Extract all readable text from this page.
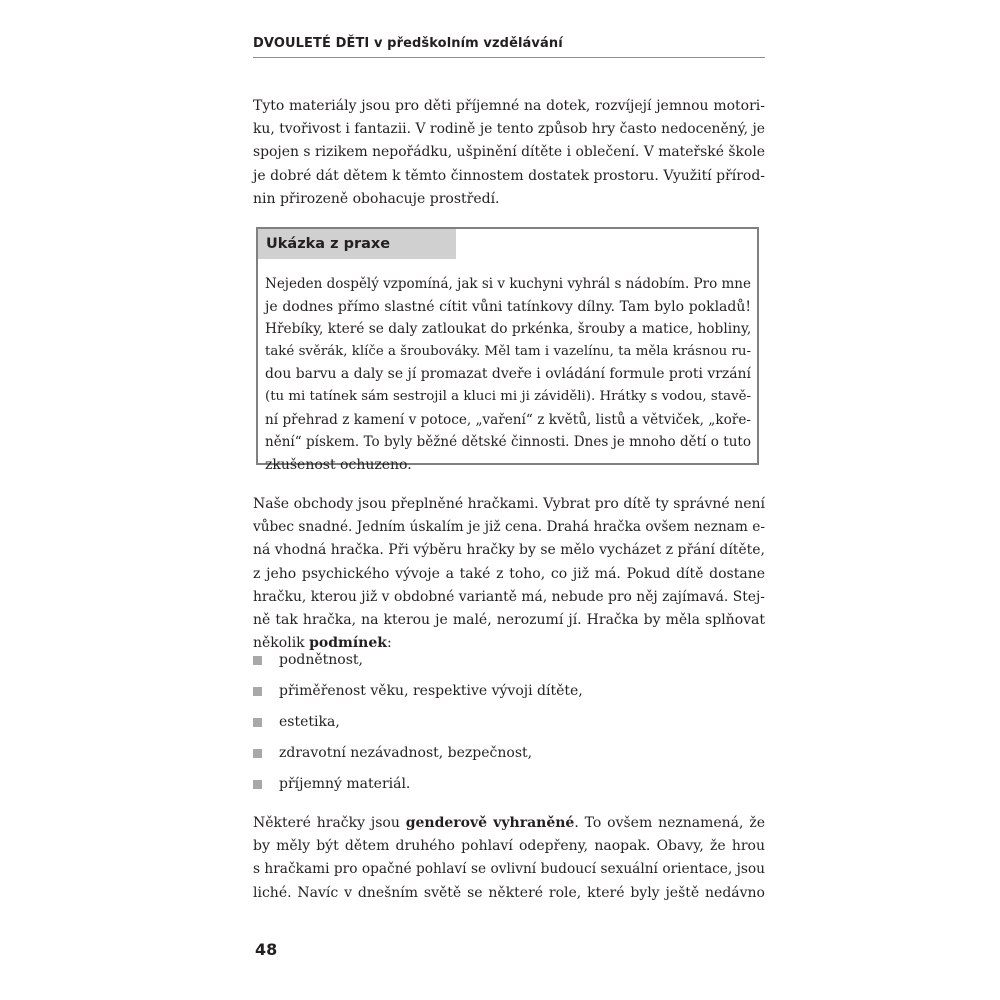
DVOULETÉ DĚTI v předškolním vzdělávání

Tyto materiály jsou pro děti příjemné na dotek, rozvíjejí jemnou motori-
ku, tvořivost i fantazii. V rodině je tento způsob hry často nedoceněný, je
spojen s rizikem nepořádku, ušpinění dítěte i oblečení. V mateřské škole
je dobré dát dětem k těmto činnostem dostatek prostoru. Využití přírod-
nin přirozeně obohacuje prostředí.

Ukázka z praxe

Nejeden dospělý vzpomíná, jak si v kuchyni vyhrál s nádobím. Pro mne
je dodnes přímo slastné cítit vůni tatínkovy dílny. Tam bylo pokladů!
Hřebíky, které se daly zatloukat do prkénka, šrouby a matice, hobliny,
také svěrák, klíče a šroubováky. Měl tam i vazelínu, ta měla krásnou ru-
dou barvu a daly se jí promazat dveře i ovládání formule proti vrzání
(tu mi tatínek sám sestrojil a kluci mi ji záviděli). Hrátky s vodou, stavě-
ní přehrad z kamení v potoce, „vaření“ z květů, listů a větviček, „koře-
nění“ pískem. To byly běžné dětské činnosti. Dnes je mnoho dětí o tuto
zkušenost ochuzeno.

Naše obchody jsou přeplněné hračkami. Vybrat pro dítě ty správné není
vůbec snadné. Jedním úskalím je již cena. Drahá hračka ovšem neznam e-
ná vhodná hračka. Při výběru hračky by se mělo vycházet z přání dítěte,
z jeho psychického vývoje a také z toho, co již má. Pokud dítě dostane
hračku, kterou již v obdobné variantě má, nebude pro něj zajímavá. Stej-
ně tak hračka, na kterou je malé, nerozumí jí. Hračka by měla splňovat
několik podmínek:

podnětnost,
přiměřenost věku, respektive vývoji dítěte,
estetika,
zdravotní nezávadnost, bezpečnost,
příjemný materiál.

Některé hračky jsou genderově vyhraněné. To ovšem neznamená, že
by měly být dětem druhého pohlaví odepřeny, naopak. Obavy, že hrou
s hračkami pro opačné pohlaví se ovlivní budoucí sexuální orientace, jsou
liché. Navíc v dnešním světě se některé role, které byly ještě nedávno

48
